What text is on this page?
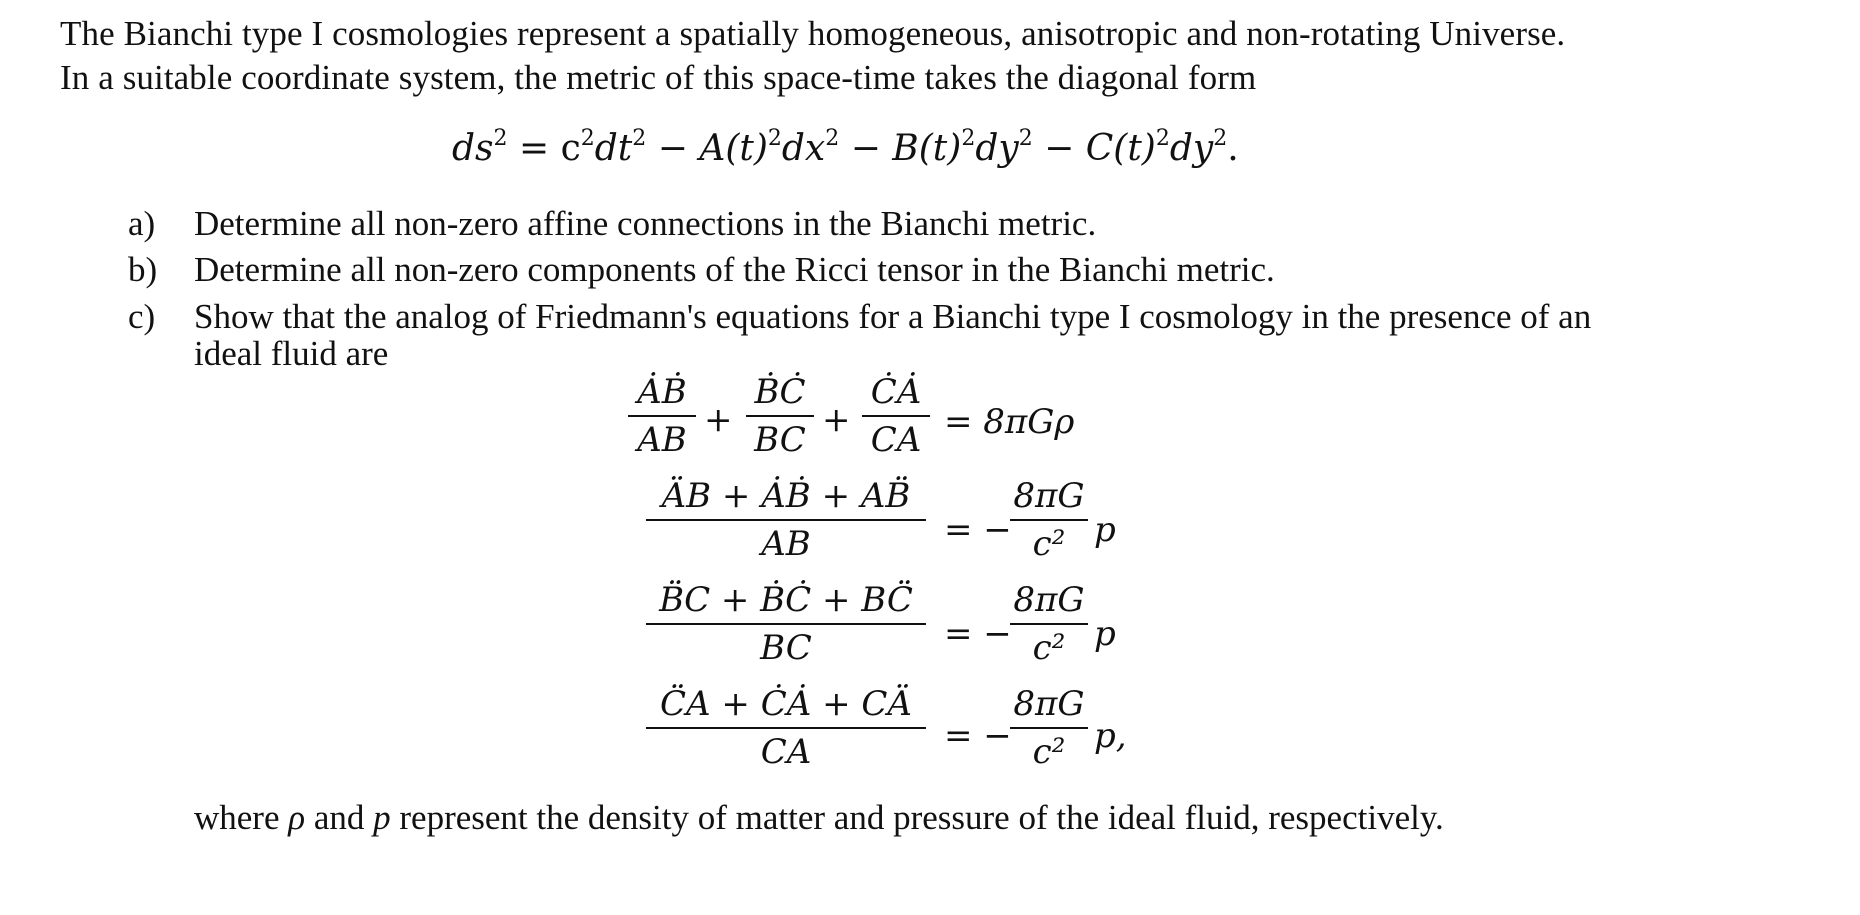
The Bianchi type I cosmologies represent a spatially homogeneous, anisotropic and non-rotating Universe.
In a suitable coordinate system, the metric of this space-time takes the diagonal form
$ds^2 = c^2dt^2 - A(t)^2dx^2 - B(t)^2dy^2 - C(t)^2dy^2$.
a) Determine all non-zero affine connections in the Bianchi metric.
b) Determine all non-zero components of the Ricci tensor in the Bianchi metric.
c) Show that the analog of Friedmann's equations for a Bianchi type I cosmology in the presence of an
ideal fluid are
ȦḂ
AB +
ḂĊ
BC +
ĊȦ
CA = 8πGρ
ÄB + ȦḂ + AB̈
AB	= −
8πG
c² p
B̈C + ḂĊ + BC̈
BC	= −
8πG
c² p
C̈A + ĊȦ + CÄ
CA	= −
8πG
c² p,
where ρ and p represent the density of matter and pressure of the ideal fluid, respectively.
